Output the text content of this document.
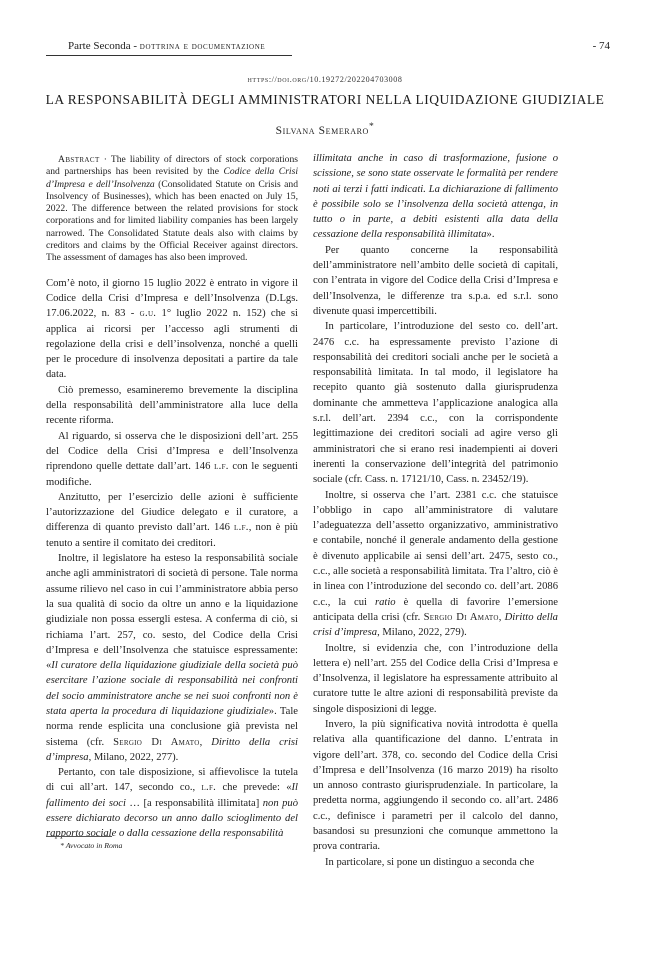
Parte Seconda - dottrina e documentazione	- 74
https://doi.org/10.19272/202204703008
LA RESPONSABILITÀ DEGLI AMMINISTRATORI NELLA LIQUIDAZIONE GIUDIZIALE
Silvana Semeraro*

Abstract · The liability of directors of stock corporations and partnerships has been revisited by the Codice della Crisi d’Impresa e dell’Insolvenza (Consolidated Statute on Crisis and Insolvency of Businesses), which has been enacted on July 15, 2022. The difference between the related provisions for stock corporations and for limited liability companies has been largely narrowed. The Consolidated Statute deals also with claims by creditors and claims by the Official Receiver against directors. The assessment of damages has also been improved.

Com’è noto, il giorno 15 luglio 2022 è entrato in vigore il Codice della Crisi d’Impresa e dell’Insolvenza (D.Lgs. 17.06.2022, n. 83 - g.u. 1° luglio 2022 n. 152) che si applica ai ricorsi per l’accesso agli strumenti di regolazione della crisi e dell’insolvenza, nonché a quelli per le procedure di insolvenza depositati a partire da tale data.

Ciò premesso, esamineremo brevemente la disciplina della responsabilità dell’amministratore alla luce della recente riforma.

Al riguardo, si osserva che le disposizioni dell’art. 255 del Codice della Crisi d’Impresa e dell’Insolvenza riprendono quelle dettate dall’art. 146 l.f. con le seguenti modifiche.

Anzitutto, per l’esercizio delle azioni è sufficiente l’autorizzazione del Giudice delegato e il curatore, a differenza di quanto previsto dall’art. 146 l.f., non è più tenuto a sentire il comitato dei creditori.

Inoltre, il legislatore ha esteso la responsabilità sociale anche agli amministratori di società di persone. Tale norma assume rilievo nel caso in cui l’amministratore abbia perso la sua qualità di socio da oltre un anno e la liquidazione giudiziale non possa essergli estesa. A conferma di ciò, si richiama l’art. 257, co. sesto, del Codice della Crisi d’Impresa e dell’Insolvenza che statuisce espressamente: «Il curatore della liquidazione giudiziale della società può esercitare l’azione sociale di responsabilità nei confronti del socio amministratore anche se nei suoi confronti non è stata aperta la procedura di liquidazione giudiziale». Tale norma rende esplicita una conclusione già prevista nel sistema (cfr. Sergio Di Amato, Diritto della crisi d’impresa, Milano, 2022, 277).

Pertanto, con tale disposizione, si affievolisce la tutela di cui all’art. 147, secondo co., l.f. che prevede: «Il fallimento dei soci … [a responsabilità illimitata] non può essere dichiarato decorso un anno dallo scioglimento del rapporto sociale o dalla cessazione della responsabilità

illimitata anche in caso di trasformazione, fusione o scissione, se sono state osservate le formalità per rendere noti ai terzi i fatti indicati. La dichiarazione di fallimento è possibile solo se l’insolvenza della società attenga, in tutto o in parte, a debiti esistenti alla data della cessazione della responsabilità illimitata».

Per quanto concerne la responsabilità dell’amministratore nell’ambito delle società di capitali, con l’entrata in vigore del Codice della Crisi d’Impresa e dell’Insolvenza, le differenze tra s.p.a. ed s.r.l. sono divenute quasi impercettibili.

In particolare, l’introduzione del sesto co. dell’art. 2476 c.c. ha espressamente previsto l’azione di responsabilità dei creditori sociali anche per le società a responsabilità limitata. In tal modo, il legislatore ha recepito quanto già sostenuto dalla giurisprudenza dominante che ammetteva l’applicazione analogica alla s.r.l. dell’art. 2394 c.c., con la corrispondente legittimazione dei creditori sociali ad agire verso gli amministratori che si erano resi inadempienti ai doveri inerenti la conservazione dell’integrità del patrimonio sociale (cfr. Cass. n. 17121/10, Cass. n. 23452/19).

Inoltre, si osserva che l’art. 2381 c.c. che statuisce l’obbligo in capo all’amministratore di valutare l’adeguatezza dell’assetto organizzativo, amministrativo e contabile, nonché il generale andamento della gestione è divenuto applicabile ai sensi dell’art. 2475, sesto co., c.c., alle società a responsabilità limitata. Tra l’altro, ciò è in linea con l’introduzione del secondo co. dell’art. 2086 c.c., la cui ratio è quella di favorire l’emersione anticipata della crisi (cfr. Sergio Di Amato, Diritto della crisi d’impresa, Milano, 2022, 279).

Inoltre, si evidenzia che, con l’introduzione della lettera e) nell’art. 255 del Codice della Crisi d’Impresa e d’Insolvenza, il legislatore ha espressamente attribuito al curatore tutte le altre azioni di responsabilità previste da singole disposizioni di legge.

Invero, la più significativa novità introdotta è quella relativa alla quantificazione del danno. L’entrata in vigore dell’art. 378, co. secondo del Codice della Crisi d’Impresa e dell’Insolvenza (16 marzo 2019) ha risolto un annoso contrasto giurisprudenziale. In particolare, la predetta norma, aggiungendo il secondo co. all’art. 2486 c.c., definisce i parametri per il calcolo del danno, basandosi su presunzioni che comunque ammettono la prova contraria.

In particolare, si pone un distinguo a seconda che

* Avvocato in Roma
